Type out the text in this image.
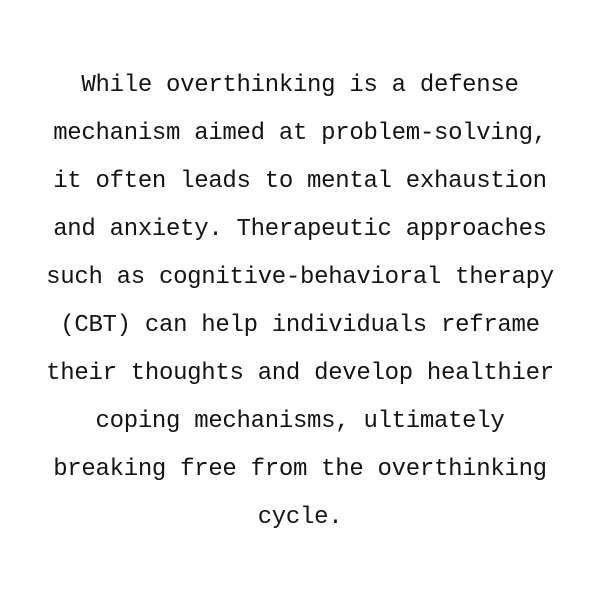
While overthinking is a defense
mechanism aimed at problem-solving,
it often leads to mental exhaustion
and anxiety. Therapeutic approaches
such as cognitive-behavioral therapy
(CBT) can help individuals reframe
their thoughts and develop healthier
coping mechanisms, ultimately
breaking free from the overthinking
cycle.
